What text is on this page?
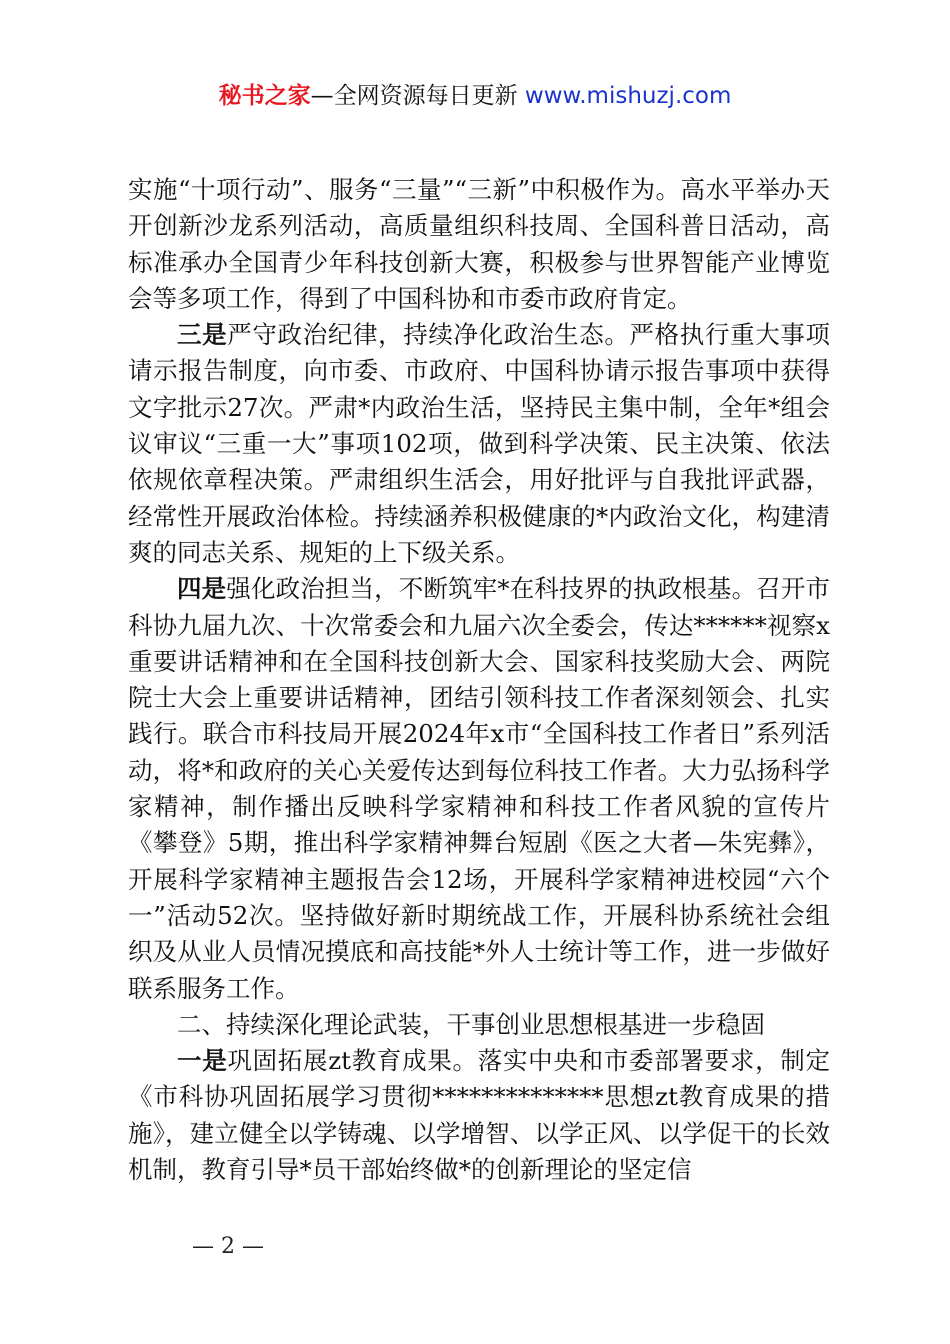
秘书之家—全网资源每日更新 www.mishuzj.com

实施“十项行动”、服务“三量”“三新”中积极作为。高水平举办天开创新沙龙系列活动，高质量组织科技周、全国科普日活动，高标准承办全国青少年科技创新大赛，积极参与世界智能产业博览会等多项工作，得到了中国科协和市委市政府肯定。

三是严守政治纪律，持续净化政治生态。严格执行重大事项请示报告制度，向市委、市政府、中国科协请示报告事项中获得文字批示27次。严肃*内政治生活，坚持民主集中制，全年*组会议审议“三重一大”事项102项，做到科学决策、民主决策、依法依规依章程决策。严肃组织生活会，用好批评与自我批评武器，经常性开展政治体检。持续涵养积极健康的*内政治文化，构建清爽的同志关系、规矩的上下级关系。

四是强化政治担当，不断筑牢*在科技界的执政根基。召开市科协九届九次、十次常委会和九届六次全委会，传达******视察x重要讲话精神和在全国科技创新大会、国家科技奖励大会、两院院士大会上重要讲话精神，团结引领科技工作者深刻领会、扎实践行。联合市科技局开展2024年x市“全国科技工作者日”系列活动，将*和政府的关心关爱传达到每位科技工作者。大力弘扬科学家精神，制作播出反映科学家精神和科技工作者风貌的宣传片《攀登》5期，推出科学家精神舞台短剧《医之大者—朱宪彝》，开展科学家精神主题报告会12场，开展科学家精神进校园“六个一”活动52次。坚持做好新时期统战工作，开展科协系统社会组织及从业人员情况摸底和高技能*外人士统计等工作，进一步做好联系服务工作。

二、持续深化理论武装，干事创业思想根基进一步稳固

一是巩固拓展zt教育成果。落实中央和市委部署要求，制定《市科协巩固拓展学习贯彻**************思想zt教育成果的措施》，建立健全以学铸魂、以学增智、以学正风、以学促干的长效机制，教育引导*员干部始终做*的创新理论的坚定信

— 2 —
